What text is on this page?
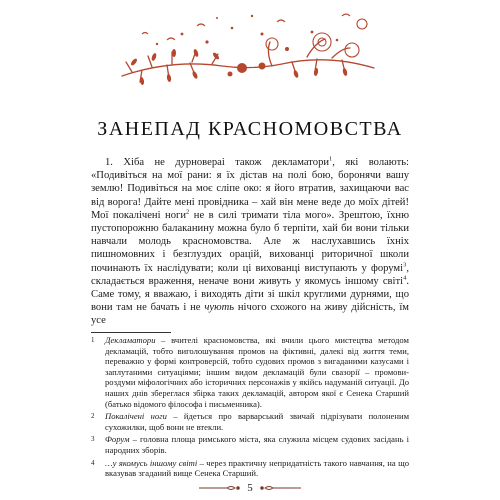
ЗАНЕПАД КРАСНОМОВСТВА

1. Хіба не дурновераі також декламатори$^1$, які волають: «Подивіться на мої рани: я їх дістав на полі бою, боронячи вашу землю! Подивіться на моє сліпе око: я його втратив, захищаючи вас від ворога! Дайте мені провідника – хай він мене веде до моїх дітей! Мої покалічені ноги$^2$ не в силі тримати тіла мого». Зрештою, їхню пустопорожню балаканину можна було б терпіти, хай би вони тільки навчали молодь красномовства. Але ж наслухавшись їхніх пишномовних і безглуздих орацій, вихованці риторичної школи починають їх наслідувати; коли ці вихованці виступають у форумі$^3$, складається враження, неначе вони живуть у якомусь іншому світі$^4$. Саме тому, я вважаю, і виходять діти зі шкіл круглими дурнями, що вони там не бачать і не чують нічого схожого на живу дійсність, їм усе

1 Декламатори – вчителі красномовства, які вчили цього мистецтва методом декламацій, тобто виголошування промов на фіктивні, далекі від життя теми, переважно у формі контроверсій, тобто судових промов з вигаданими казусами і заплутаними ситуаціями; іншим видом декламацій були свазорії – промови-роздуми міфологічних або історичних персонажів у якійсь надуманій ситуації. До наших днів збереглася збірка таких декламацій, автором якої є Сенека Старший (батько відомого філософа і письменника).
2 Покалічені ноги – йдеться про варварський звичай підрізувати полоненим сухожилки, щоб вони не втекли.
3 Форум – головна площа римського міста, яка служила місцем судових засідань і народних зборів.
4 …у якомусь іншому світі – через практичну непридатність такого навчання, на що вказував згаданий вище Сенека Старший.
5
